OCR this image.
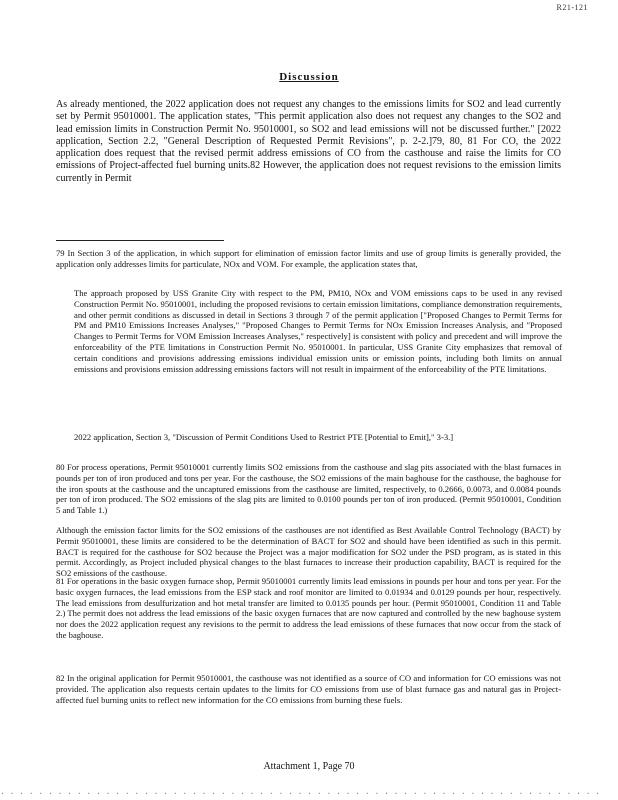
R21-121
Discussion

As already mentioned, the 2022 application does not request any changes to the emissions limits for SO2 and lead currently set by Permit 95010001. The application states, "This permit application also does not request any changes to the SO2 and lead emission limits in Construction Permit No. 95010001, so SO2 and lead emissions will not be discussed further." [2022 application, Section 2.2, "General Description of Requested Permit Revisions", p. 2-2.]79, 80, 81 For CO, the 2022 application does request that the revised permit address emissions of CO from the casthouse and raise the limits for CO emissions of Project-affected fuel burning units.82 However, the application does not request revisions to the emission limits currently in Permit

79 In Section 3 of the application, in which support for elimination of emission factor limits and use of group limits is generally provided, the application only addresses limits for particulate, NOx and VOM. For example, the application states that,

The approach proposed by USS Granite City with respect to the PM, PM10, NOx and VOM emissions caps to be used in any revised Construction Permit No. 95010001, including the proposed revisions to certain emission limitations, compliance demonstration requirements, and other permit conditions as discussed in detail in Sections 3 through 7 of the permit application ["Proposed Changes to Permit Terms for PM and PM10 Emissions Increases Analyses," "Proposed Changes to Permit Terms for NOx Emission Increases Analysis, and "Proposed Changes to Permit Terms for VOM Emission Increases Analyses," respectively] is consistent with policy and precedent and will improve the enforceability of the PTE limitations in Construction Permit No. 95010001. In particular, USS Granite City emphasizes that removal of certain conditions and provisions addressing emissions individual emission units or emission points, including both limits on annual emissions and provisions emission addressing emissions factors will not result in impairment of the enforceability of the PTE limitations.

2022 application, Section 3, "Discussion of Permit Conditions Used to Restrict PTE [Potential to Emit]," 3-3.]

80 For process operations, Permit 95010001 currently limits SO2 emissions from the casthouse and slag pits associated with the blast furnaces in pounds per ton of iron produced and tons per year. For the casthouse, the SO2 emissions of the main baghouse for the casthouse, the baghouse for the iron spouts at the casthouse and the uncaptured emissions from the casthouse are limited, respectively, to 0.2666, 0.0073, and 0.0084 pounds per ton of iron produced. The SO2 emissions of the slag pits are limited to 0.0100 pounds per ton of iron produced. (Permit 95010001, Condition 5 and Table 1.)

Although the emission factor limits for the SO2 emissions of the casthouses are not identified as Best Available Control Technology (BACT) by Permit 95010001, these limits are considered to be the determination of BACT for SO2 and should have been identified as such in this permit. BACT is required for the casthouse for SO2 because the Project was a major modification for SO2 under the PSD program, as is stated in this permit. Accordingly, as Project included physical changes to the blast furnaces to increase their production capability, BACT is required for the SO2 emissions of the casthouse.

81 For operations in the basic oxygen furnace shop, Permit 95010001 currently limits lead emissions in pounds per hour and tons per year. For the basic oxygen furnaces, the lead emissions from the ESP stack and roof monitor are limited to 0.01934 and 0.0129 pounds per hour, respectively. The lead emissions from desulfurization and hot metal transfer are limited to 0.0135 pounds per hour. (Permit 95010001, Condition 11 and Table 2.) The permit does not address the lead emissions of the basic oxygen furnaces that are now captured and controlled by the new baghouse system nor does the 2022 application request any revisions to the permit to address the lead emissions of these furnaces that now occur from the stack of the baghouse.

82 In the original application for Permit 95010001, the casthouse was not identified as a source of CO and information for CO emissions was not provided. The application also requests certain updates to the limits for CO emissions from use of blast furnace gas and natural gas in Project-affected fuel burning units to reflect new information for the CO emissions from burning these fuels.

Attachment 1, Page 70
. . . . . . . . . . . . . . . . . . . . . . . . . . . . . . . . . . . . . . . . . . . . . . . . . . . . . . . . . . . . . . .
